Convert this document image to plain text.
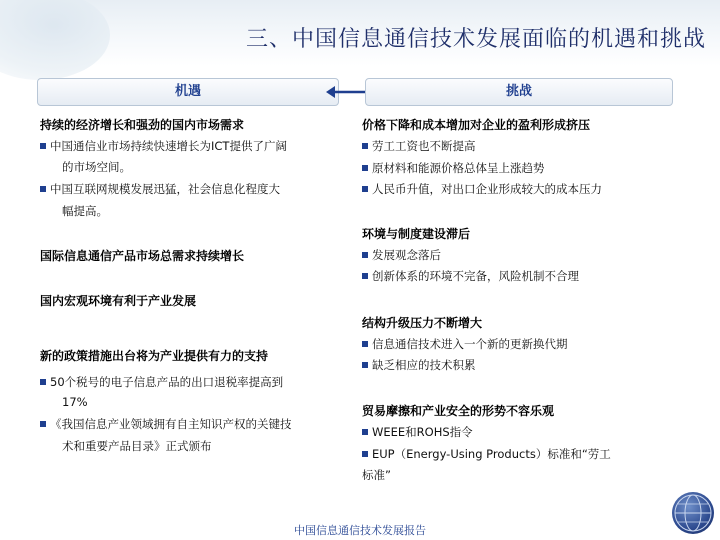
三、中国信息通信技术发展面临的机遇和挑战
机遇	挑战
持续的经济增长和强劲的国内市场需求
中国通信业市场持续快速增长为ICT提供了广阔
的市场空间。
中国互联网规模发展迅猛，社会信息化程度大
幅提高。
国际信息通信产品市场总需求持续增长
国内宏观环境有利于产业发展
新的政策措施出台将为产业提供有力的支持
50个税号的电子信息产品的出口退税率提高到
17%
《我国信息产业领域拥有自主知识产权的关键技
术和重要产品目录》正式颁布
价格下降和成本增加对企业的盈利形成挤压
劳工工资也不断提高
原材料和能源价格总体呈上涨趋势
人民币升值，对出口企业形成较大的成本压力
环境与制度建设滞后
发展观念落后
创新体系的环境不完备，风险机制不合理
结构升级压力不断增大
信息通信技术进入一个新的更新换代期
缺乏相应的技术积累
贸易摩擦和产业安全的形势不容乐观
WEEE和ROHS指令
EUP（Energy-Using Products）标准和“劳工
标准”
中国信息通信技术发展报告
